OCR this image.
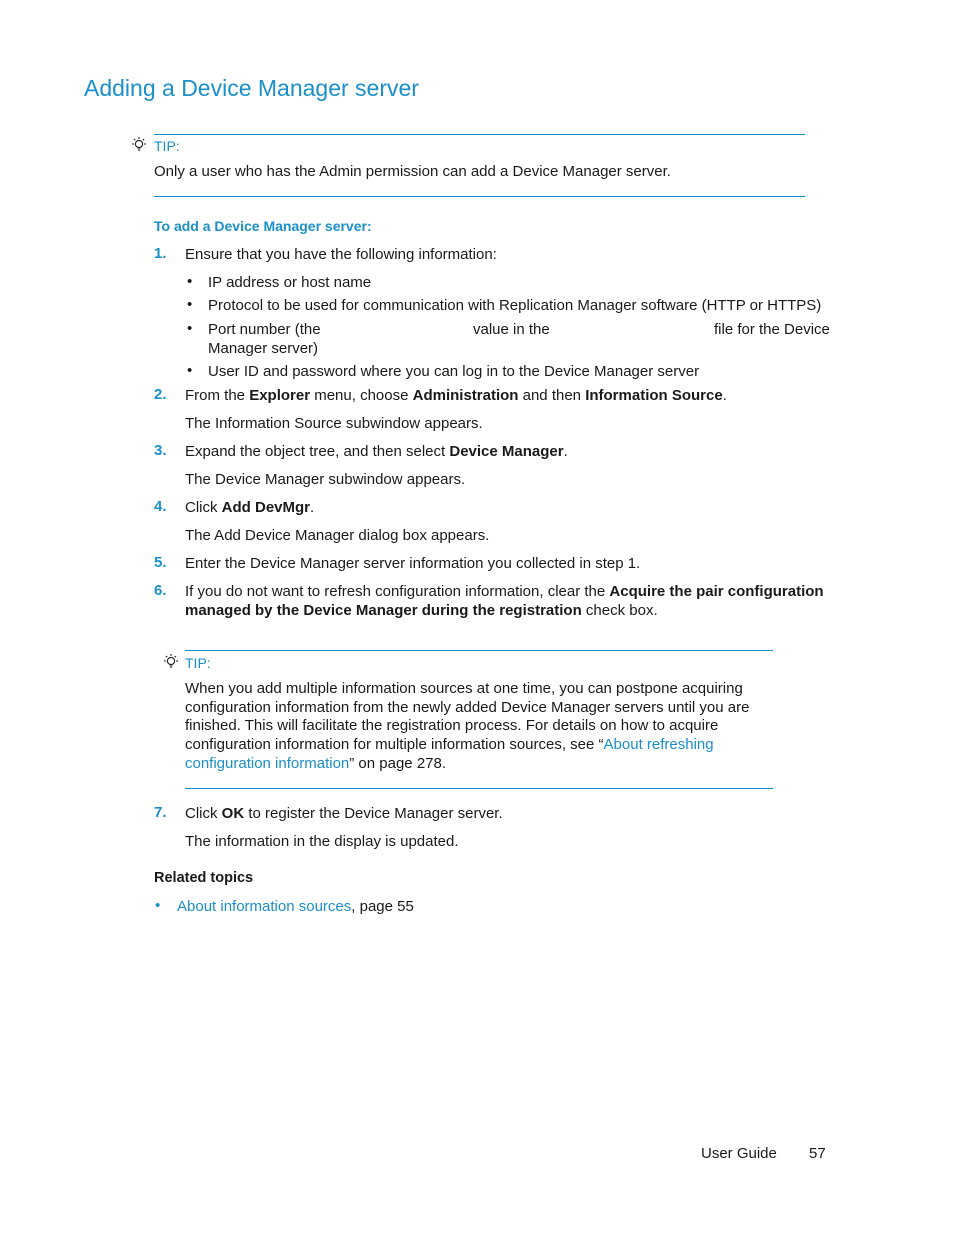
Adding a Device Manager server
TIP:
Only a user who has the Admin permission can add a Device Manager server.
To add a Device Manager server:
1. Ensure that you have the following information:
• IP address or host name
• Protocol to be used for communication with Replication Manager software (HTTP or HTTPS)
• Port number (the	value in the	file for the Device
Manager server)
• User ID and password where you can log in to the Device Manager server
2. From the Explorer menu, choose Administration and then Information Source.
The Information Source subwindow appears.
3. Expand the object tree, and then select Device Manager.
The Device Manager subwindow appears.
4. Click Add DevMgr.
The Add Device Manager dialog box appears.
5. Enter the Device Manager server information you collected in step 1.
6. If you do not want to refresh configuration information, clear the Acquire the pair configuration
managed by the Device Manager during the registration check box.
TIP:
When you add multiple information sources at one time, you can postpone acquiring
configuration information from the newly added Device Manager servers until you are
finished. This will facilitate the registration process. For details on how to acquire
configuration information for multiple information sources, see “About refreshing
configuration information” on page 278.
7. Click OK to register the Device Manager server.
The information in the display is updated.
Related topics
• About information sources, page 55
User Guide 57
